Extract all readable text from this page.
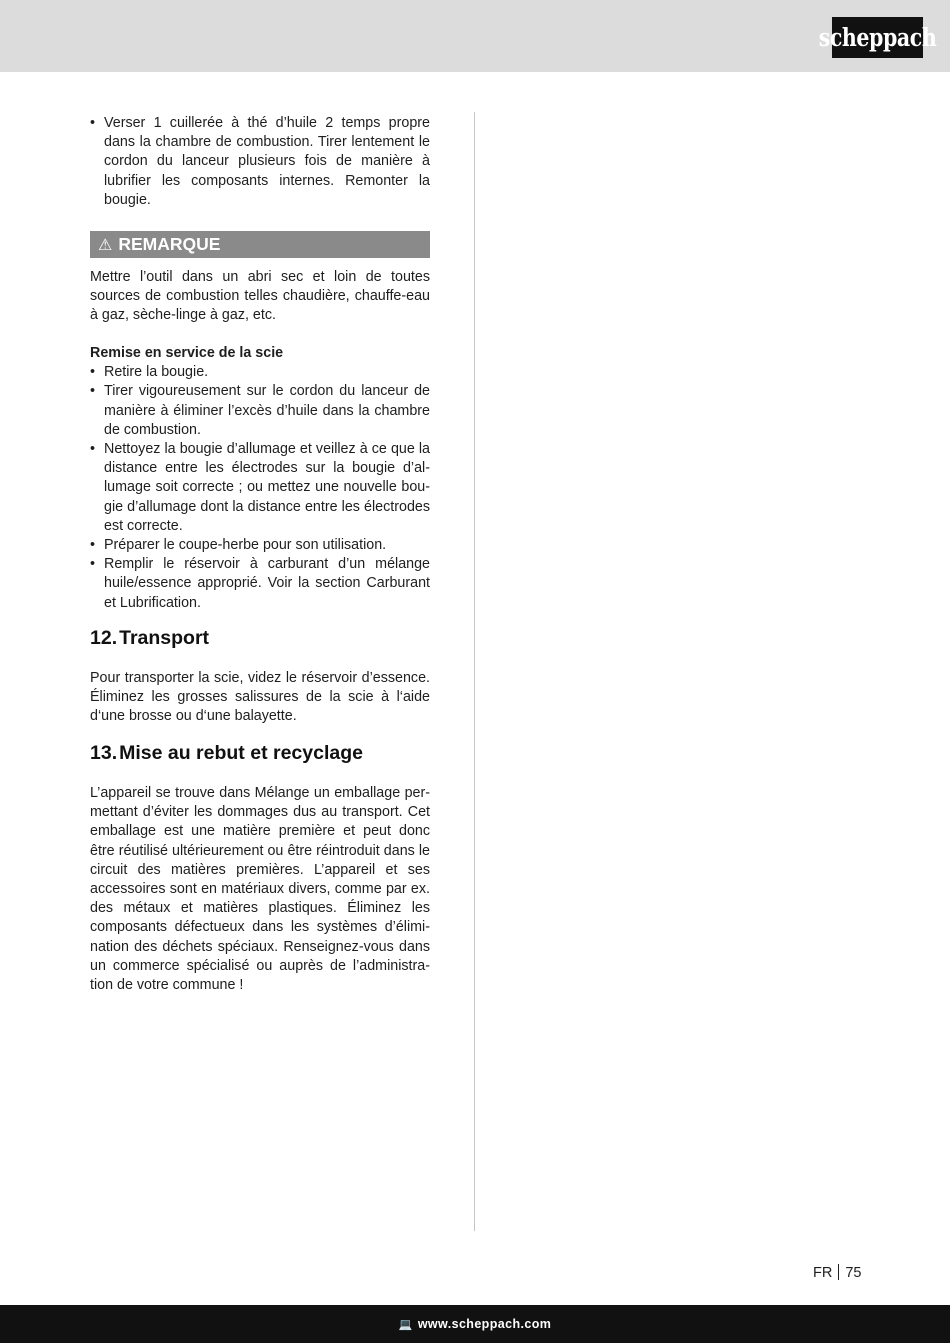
scheppach
• Verser 1 cuillerée à thé d’huile 2 temps propre dans la chambre de combustion. Tirer lentement le cordon du lanceur plusieurs fois de manière à lubrifier les composants internes. Remonter la bougie.
⚠ REMARQUE

Mettre l’outil dans un abri sec et loin de toutes sources de combustion telles chaudière, chauffe-eau à gaz, sèche-linge à gaz, etc.

Remise en service de la scie

• Retire la bougie.
• Tirer vigoureusement sur le cordon du lanceur de manière à éliminer l’excès d’huile dans la chambre de combustion.
• Nettoyez la bougie d’allumage et veillez à ce que la distance entre les électrodes sur la bougie d’allumage soit correcte ; ou mettez une nouvelle bougie d’allumage dont la distance entre les électrodes est correcte.
• Préparer le coupe-herbe pour son utilisation.
• Remplir le réservoir à carburant d’un mélange huile/essence approprié. Voir la section Carburant et Lubrification.
12. Transport

Pour transporter la scie, videz le réservoir d’essence. Éliminez les grosses salissures de la scie à l‘aide d‘une brosse ou d‘une balayette.

13. Mise au rebut et recyclage

L’appareil se trouve dans Mélange un emballage permettant d’éviter les dommages dus au transport. Cet emballage est une matière première et peut donc être réutilisé ultérieurement ou être réintroduit dans le circuit des matières premières. L’appareil et ses accessoires sont en matériaux divers, comme par ex. des métaux et matières plastiques. Éliminez les composants défectueux dans les systèmes d’élimination des déchets spéciaux. Renseignez-vous dans un commerce spécialisé ou auprès de l’administration de votre commune !

FR 75
💻 www.scheppach.com
